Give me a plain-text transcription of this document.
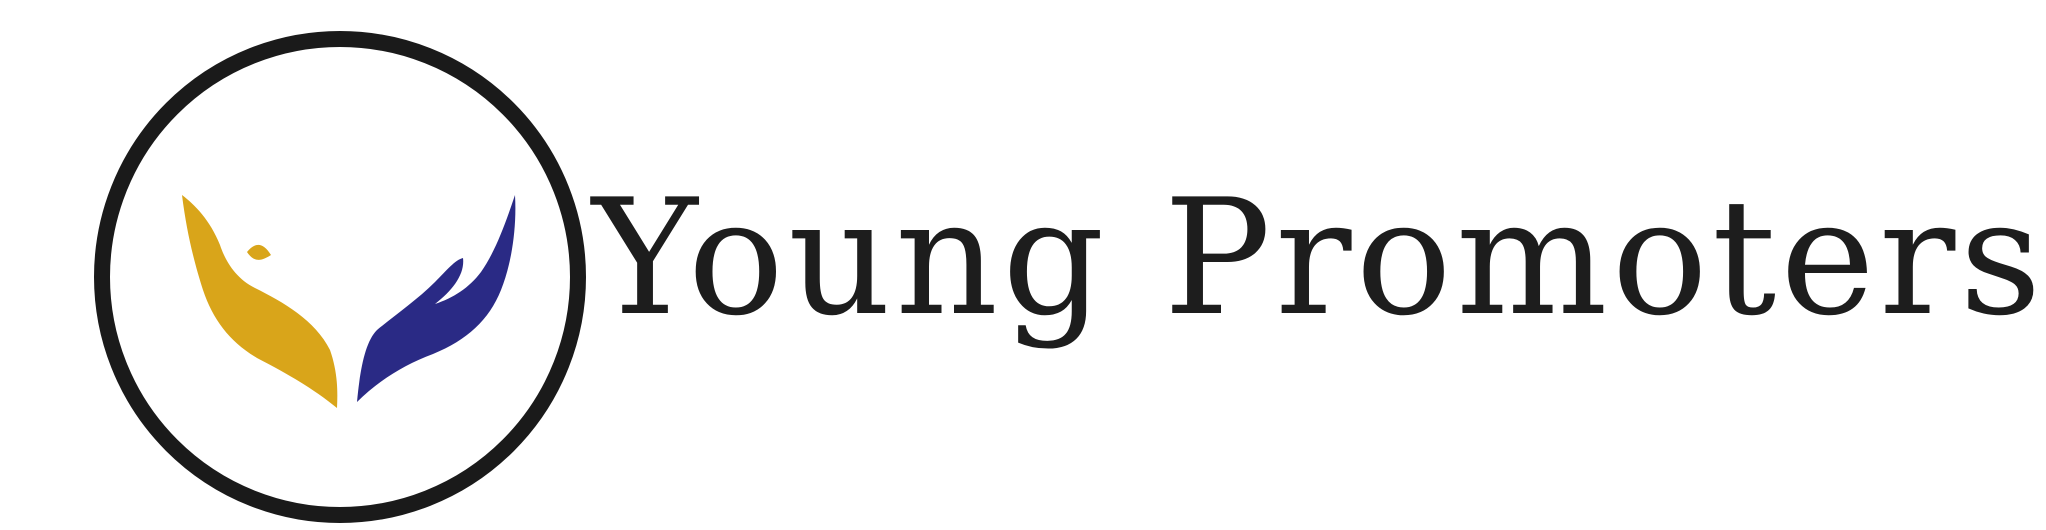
Young Promoters
